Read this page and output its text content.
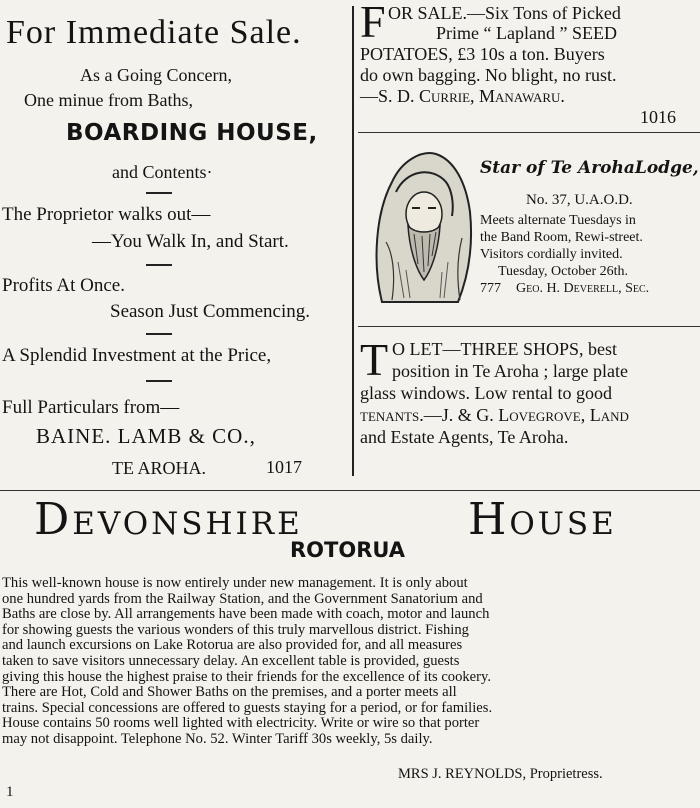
For Immediate Sale.
As a Going Concern,
One minue from Baths,
BOARDING HOUSE,
and Contents·
The Proprietor walks out—
—You Walk In, and Start.
Profits At Once.
Season Just Commencing.
A Splendid Investment at the Price,
Full Particulars from—
BAINE. LAMB & CO.,
TE AROHA.	1017
F OR SALE.—Six Tons of Picked
Prime “ Lapland ” SEED
POTATOES, £3 10s a ton. Buyers
do own bagging. No blight, no rust.
—S. D. Currie, Manawaru.
1016
Star of Te ArohaLodge,
No. 37, U.A.O.D.
Meets alternate Tuesdays in
the Band Room, Rewi-street.
Visitors cordially invited.
Tuesday, October 26th.
777 Geo. H. Deverell, Sec.
T O LET—THREE SHOPS, best
position in Te Aroha ; large plate
glass windows. Low rental to good
tenants.—J. & G. Lovegrove, Land
and Estate Agents, Te Aroha.
Devonshire	House
ROTORUA
This well-known house is now entirely under new management. It is only about
one hundred yards from the Railway Station, and the Government Sanatorium and
Baths are close by. All arrangements have been made with coach, motor and launch
for showing guests the various wonders of this truly marvellous district. Fishing
and launch excursions on Lake Rotorua are also provided for, and all measures
taken to save visitors unnecessary delay. An excellent table is provided, guests
giving this house the highest praise to their friends for the excellence of its cookery.
There are Hot, Cold and Shower Baths on the premises, and a porter meets all
trains. Special concessions are offered to guests staying for a period, or for families.
House contains 50 rooms well lighted with electricity. Write or wire so that porter
may not disappoint. Telephone No. 52. Winter Tariff 30s weekly, 5s daily.
1
MRS J. REYNOLDS, Proprietress.
